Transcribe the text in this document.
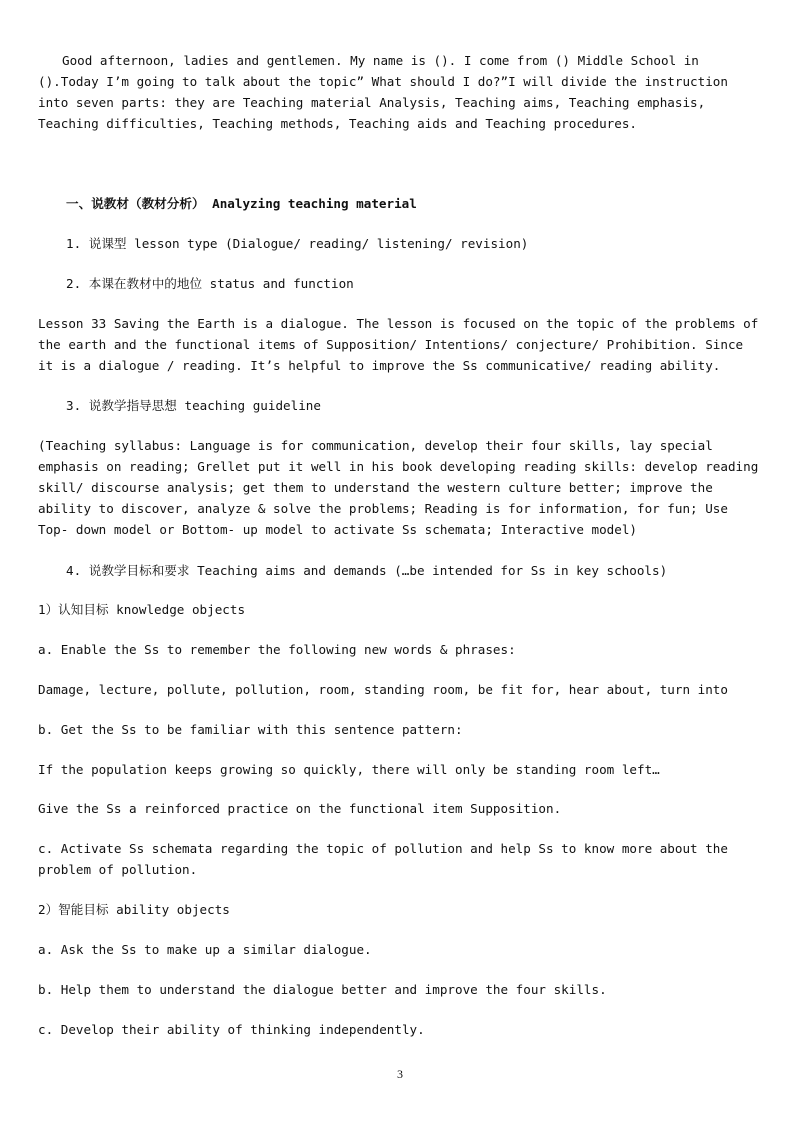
Good afternoon, ladies and gentlemen. My name is (). I come from () Middle School in ().Today I’m going to talk about the topic” What should I do?”I will divide the instruction into seven parts: they are Teaching material Analysis, Teaching aims, Teaching emphasis, Teaching difficulties, Teaching methods, Teaching aids and Teaching procedures.

一、说教材（教材分析） Analyzing teaching material

1. 说课型 lesson type (Dialogue/ reading/ listening/ revision)

2. 本课在教材中的地位 status and function

Lesson 33 Saving the Earth is a dialogue. The lesson is focused on the topic of the problems of the earth and the functional items of Supposition/ Intentions/ conjecture/ Prohibition. Since it is a dialogue / reading. It’s helpful to improve the Ss communicative/ reading ability.

3. 说教学指导思想 teaching guideline

(Teaching syllabus: Language is for communication, develop their four skills, lay special emphasis on reading; Grellet put it well in his book developing reading skills: develop reading skill/ discourse analysis; get them to understand the western culture better; improve the ability to discover, analyze & solve the problems; Reading is for information, for fun; Use Top- down model or Bottom- up model to activate Ss schemata; Interactive model)

4. 说教学目标和要求 Teaching aims and demands (…be intended for Ss in key schools)

1）认知目标 knowledge objects

a. Enable the Ss to remember the following new words & phrases:

Damage, lecture, pollute, pollution, room, standing room, be fit for, hear about, turn into

b. Get the Ss to be familiar with this sentence pattern:

If the population keeps growing so quickly, there will only be standing room left…

Give the Ss a reinforced practice on the functional item Supposition.

c. Activate Ss schemata regarding the topic of pollution and help Ss to know more about the problem of pollution.

2）智能目标 ability objects

a. Ask the Ss to make up a similar dialogue.

b. Help them to understand the dialogue better and improve the four skills.

c. Develop their ability of thinking independently.

3
